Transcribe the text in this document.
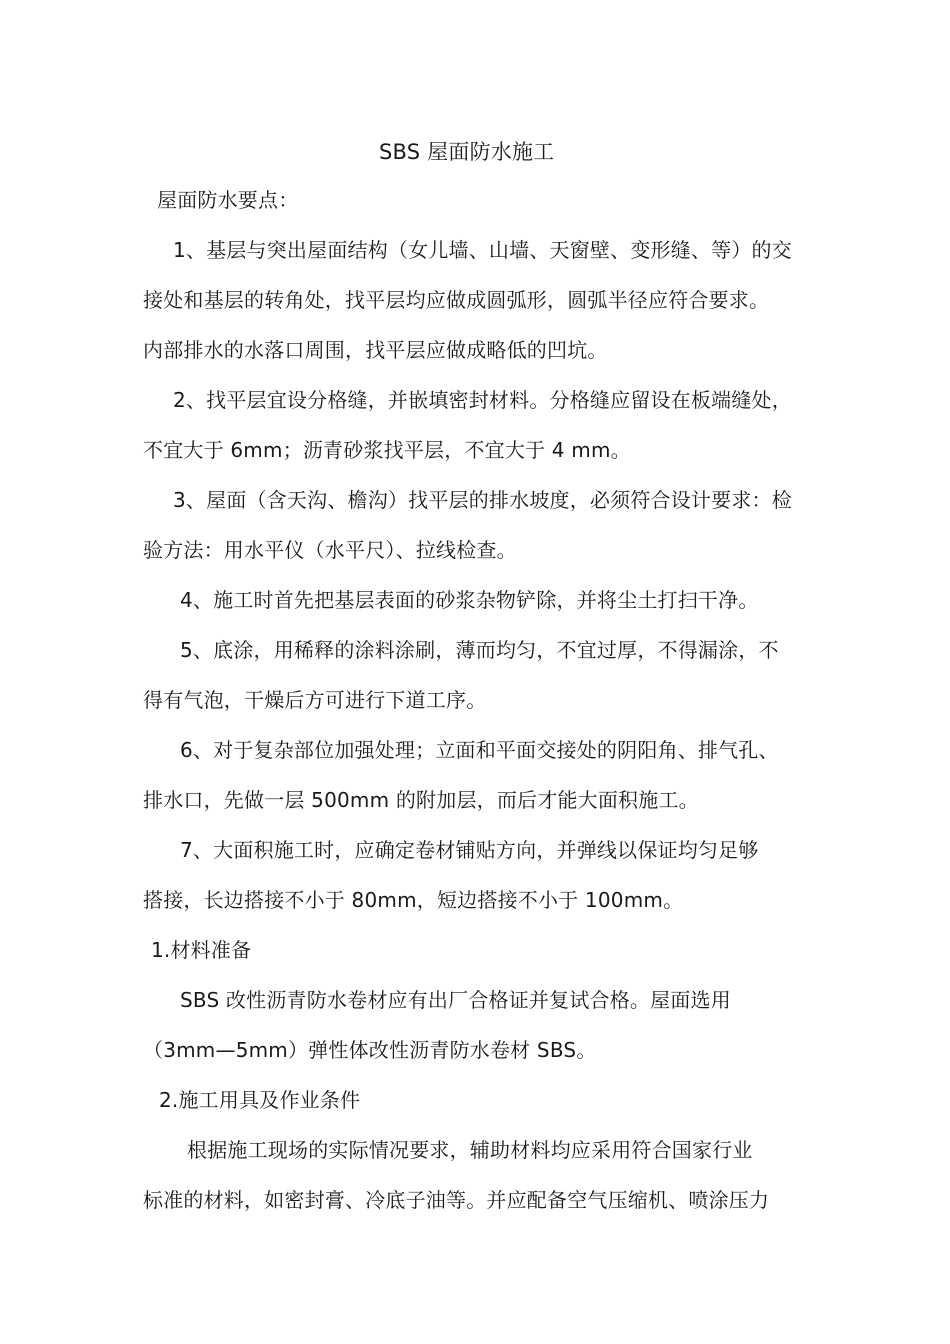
SBS 屋面防水施工
屋面防水要点：
1、基层与突出屋面结构（女儿墙、山墙、天窗壁、变形缝、等）的交
接处和基层的转角处，找平层均应做成圆弧形，圆弧半径应符合要求。
内部排水的水落口周围，找平层应做成略低的凹坑。
2、找平层宜设分格缝，并嵌填密封材料。分格缝应留设在板端缝处，
不宜大于 6mm；沥青砂浆找平层，不宜大于 4 mm。
3、屋面（含天沟、檐沟）找平层的排水坡度，必须符合设计要求：检
验方法：用水平仪（水平尺）、拉线检查。
4、施工时首先把基层表面的砂浆杂物铲除，并将尘土打扫干净。
5、底涂，用稀释的涂料涂刷，薄而均匀，不宜过厚，不得漏涂，不
得有气泡，干燥后方可进行下道工序。
6、对于复杂部位加强处理；立面和平面交接处的阴阳角、排气孔、
排水口，先做一层 500mm 的附加层，而后才能大面积施工。
7、大面积施工时，应确定卷材铺贴方向，并弹线以保证均匀足够
搭接，长边搭接不小于 80mm，短边搭接不小于 100mm。
1.材料准备
SBS 改性沥青防水卷材应有出厂合格证并复试合格。屋面选用
（3mm—5mm）弹性体改性沥青防水卷材 SBS。
2.施工用具及作业条件
根据施工现场的实际情况要求，辅助材料均应采用符合国家行业
标准的材料，如密封膏、冷底子油等。并应配备空气压缩机、喷涂压力
